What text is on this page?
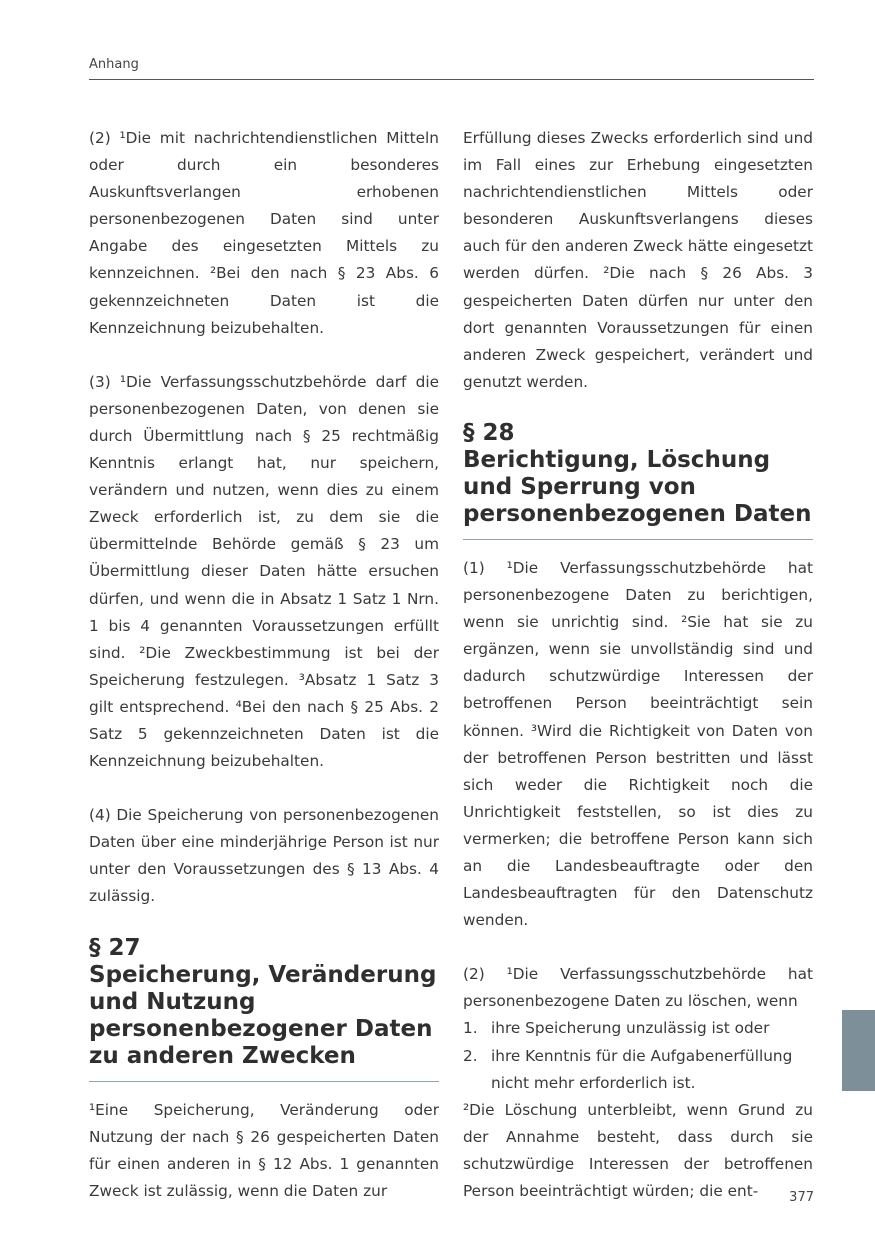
Anhang

(2) ¹Die mit nachrichtendienstlichen Mitteln oder durch ein besonderes Auskunftsverlangen erhobenen personenbezogenen Daten sind unter Angabe des eingesetzten Mittels zu kennzeichnen. ²Bei den nach § 23 Abs. 6 gekennzeichneten Daten ist die Kennzeichnung beizubehalten.

(3) ¹Die Verfassungsschutzbehörde darf die personenbezogenen Daten, von denen sie durch Übermittlung nach § 25 rechtmäßig Kenntnis erlangt hat, nur speichern, verändern und nutzen, wenn dies zu einem Zweck erforderlich ist, zu dem sie die übermittelnde Behörde gemäß § 23 um Übermittlung dieser Daten hätte ersuchen dürfen, und wenn die in Absatz 1 Satz 1 Nrn. 1 bis 4 genannten Voraussetzungen erfüllt sind. ²Die Zweckbestimmung ist bei der Speicherung festzulegen. ³Absatz 1 Satz 3 gilt entsprechend. ⁴Bei den nach § 25 Abs. 2 Satz 5 gekennzeichneten Daten ist die Kennzeichnung beizubehalten.

(4) Die Speicherung von personenbezogenen Daten über eine minderjährige Person ist nur unter den Voraussetzungen des § 13 Abs. 4 zulässig.

§ 27
Speicherung, Veränderung und Nutzung personenbezogener Daten zu anderen Zwecken

¹Eine Speicherung, Veränderung oder Nutzung der nach § 26 gespeicherten Daten für einen anderen in § 12 Abs. 1 genannten Zweck ist zulässig, wenn die Daten zur

Erfüllung dieses Zwecks erforderlich sind und im Fall eines zur Erhebung eingesetzten nachrichtendienstlichen Mittels oder besonderen Auskunftsverlangens dieses auch für den anderen Zweck hätte eingesetzt werden dürfen. ²Die nach § 26 Abs. 3 gespeicherten Daten dürfen nur unter den dort genannten Voraussetzungen für einen anderen Zweck gespeichert, verändert und genutzt werden.

§ 28
Berichtigung, Löschung und Sperrung von personenbezogenen Daten

(1) ¹Die Verfassungsschutzbehörde hat personenbezogene Daten zu berichtigen, wenn sie unrichtig sind. ²Sie hat sie zu ergänzen, wenn sie unvollständig sind und dadurch schutzwürdige Interessen der betroffenen Person beeinträchtigt sein können. ³Wird die Richtigkeit von Daten von der betroffenen Person bestritten und lässt sich weder die Richtigkeit noch die Unrichtigkeit feststellen, so ist dies zu vermerken; die betroffene Person kann sich an die Landesbeauftragte oder den Landesbeauftragten für den Datenschutz wenden.

(2) ¹Die Verfassungsschutzbehörde hat personenbezogene Daten zu löschen, wenn

1. ihre Speicherung unzulässig ist oder
2. ihre Kenntnis für die Aufgabenerfüllung nicht mehr erforderlich ist.

²Die Löschung unterbleibt, wenn Grund zu der Annahme besteht, dass durch sie schutzwürdige Interessen der betroffenen Person beeinträchtigt würden; die ent-	377
